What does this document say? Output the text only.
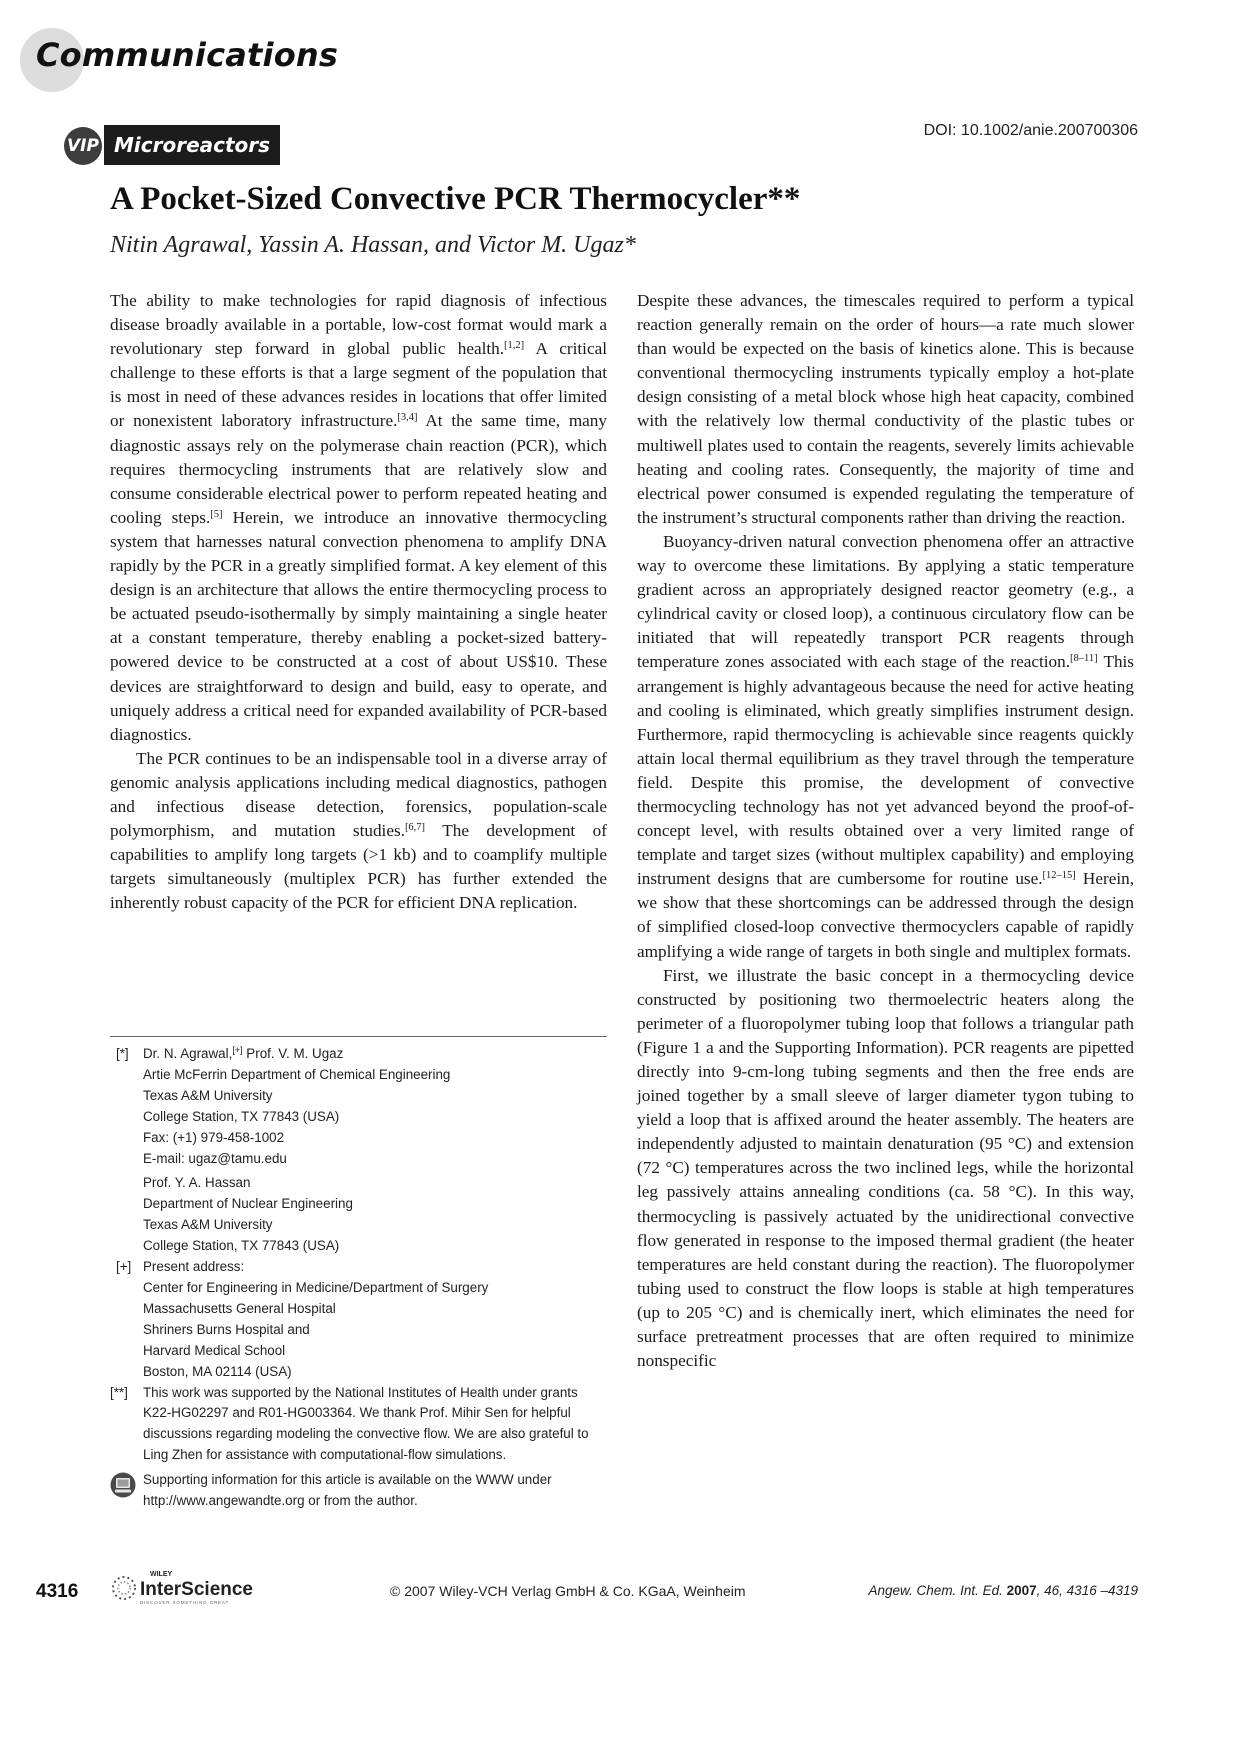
Communications
VIP Microreactors
DOI: 10.1002/anie.200700306
A Pocket-Sized Convective PCR Thermocycler**
Nitin Agrawal, Yassin A. Hassan, and Victor M. Ugaz*

The ability to make technologies for rapid diagnosis of infectious disease broadly available in a portable, low-cost format would mark a revolutionary step forward in global public health.[1,2] A critical challenge to these efforts is that a large segment of the population that is most in need of these advances resides in locations that offer limited or nonexistent laboratory infrastructure.[3,4] At the same time, many diagnostic assays rely on the polymerase chain reaction (PCR), which requires thermocycling instruments that are relatively slow and consume considerable electrical power to perform repeated heating and cooling steps.[5] Herein, we introduce an innovative thermocycling system that harnesses natural convection phenomena to amplify DNA rapidly by the PCR in a greatly simplified format. A key element of this design is an architecture that allows the entire thermocycling process to be actuated pseudo-isothermally by simply maintaining a single heater at a constant temperature, thereby enabling a pocket-sized battery-powered device to be constructed at a cost of about US$10. These devices are straightforward to design and build, easy to operate, and uniquely address a critical need for expanded availability of PCR-based diagnostics.

The PCR continues to be an indispensable tool in a diverse array of genomic analysis applications including medical diagnostics, pathogen and infectious disease detection, forensics, population-scale polymorphism, and mutation studies.[6,7] The development of capabilities to amplify long targets (>1 kb) and to coamplify multiple targets simultaneously (multiplex PCR) has further extended the inherently robust capacity of the PCR for efficient DNA replication.

Despite these advances, the timescales required to perform a typical reaction generally remain on the order of hours—a rate much slower than would be expected on the basis of kinetics alone. This is because conventional thermocycling instruments typically employ a hot-plate design consisting of a metal block whose high heat capacity, combined with the relatively low thermal conductivity of the plastic tubes or multiwell plates used to contain the reagents, severely limits achievable heating and cooling rates. Consequently, the majority of time and electrical power consumed is expended regulating the temperature of the instrument’s structural components rather than driving the reaction.

Buoyancy-driven natural convection phenomena offer an attractive way to overcome these limitations. By applying a static temperature gradient across an appropriately designed reactor geometry (e.g., a cylindrical cavity or closed loop), a continuous circulatory flow can be initiated that will repeatedly transport PCR reagents through temperature zones associated with each stage of the reaction.[8–11] This arrangement is highly advantageous because the need for active heating and cooling is eliminated, which greatly simplifies instrument design. Furthermore, rapid thermocycling is achievable since reagents quickly attain local thermal equilibrium as they travel through the temperature field. Despite this promise, the development of convective thermocycling technology has not yet advanced beyond the proof-of-concept level, with results obtained over a very limited range of template and target sizes (without multiplex capability) and employing instrument designs that are cumbersome for routine use.[12–15] Herein, we show that these shortcomings can be addressed through the design of simplified closed-loop convective thermocyclers capable of rapidly amplifying a wide range of targets in both single and multiplex formats.

First, we illustrate the basic concept in a thermocycling device constructed by positioning two thermoelectric heaters along the perimeter of a fluoropolymer tubing loop that follows a triangular path (Figure 1 a and the Supporting Information). PCR reagents are pipetted directly into 9-cm-long tubing segments and then the free ends are joined together by a small sleeve of larger diameter tygon tubing to yield a loop that is affixed around the heater assembly. The heaters are independently adjusted to maintain denaturation (95 °C) and extension (72 °C) temperatures across the two inclined legs, while the horizontal leg passively attains annealing conditions (ca. 58 °C). In this way, thermocycling is passively actuated by the unidirectional convective flow generated in response to the imposed thermal gradient (the heater temperatures are held constant during the reaction). The fluoropolymer tubing used to construct the flow loops is stable at high temperatures (up to 205 °C) and is chemically inert, which eliminates the need for surface pretreatment processes that are often required to minimize nonspecific

[*] Dr. N. Agrawal,[+] Prof. V. M. Ugaz
Artie McFerrin Department of Chemical Engineering
Texas A&M University
College Station, TX 77843 (USA)
Fax: (+1) 979-458-1002
E-mail: ugaz@tamu.edu
Prof. Y. A. Hassan
Department of Nuclear Engineering
Texas A&M University
College Station, TX 77843 (USA)
[+] Present address:
Center for Engineering in Medicine/Department of Surgery
Massachusetts General Hospital
Shriners Burns Hospital and
Harvard Medical School
Boston, MA 02114 (USA)
[**] This work was supported by the National Institutes of Health under grants K22-HG02297 and R01-HG003364. We thank Prof. Mihir Sen for helpful discussions regarding modeling the convective flow. We are also grateful to Ling Zhen for assistance with computational-flow simulations.
Supporting information for this article is available on the WWW under http://www.angewandte.org or from the author.
4316
WILEY
InterScience
DISCOVER SOMETHING GREAT
© 2007 Wiley-VCH Verlag GmbH & Co. KGaA, Weinheim	Angew. Chem. Int. Ed. 2007, 46, 4316 –4319
